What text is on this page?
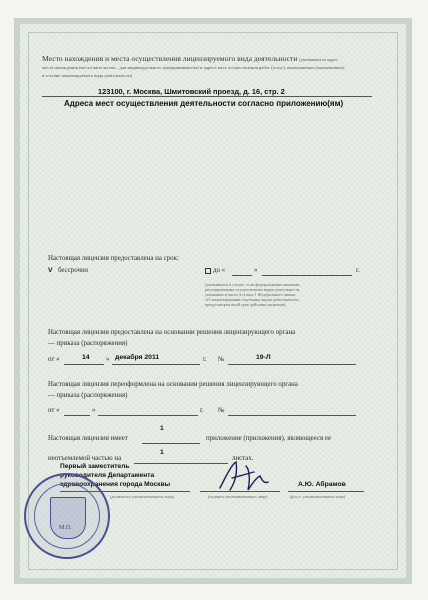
Место нахождения и места осуществления лицензируемого вида деятельности (указываются адрес
места нахождения (места жительства – для индивидуального предпринимателя) и адреса мест осуществления работ (услуг), выполняемых (оказываемых)
в составе лицензируемого вида деятельности)
123100, г. Москва, Шмитовский проезд, д. 16, стр. 2
Адреса мест осуществления деятельности согласно приложению(ям)
Настоящая лицензия предоставлена на срок:
V бессрочно	до «	»	г.
(указывается в случае, если федеральными законами,
регулирующими осуществление видов деятельности,
указанных в части 4 статьи 1 Федерального закона
«О лицензировании отдельных видов деятельности»,
предусмотрен иной срок действия лицензии)
Настоящая лицензия предоставлена на основании решения лицензирующего органа
— приказа (распоряжения)
от «	14 » декабря 2011	г. №	19-Л
Настоящая лицензия переоформлена на основании решения лицензирующего органа
— приказа (распоряжения)
от «	»	г. №
1
Настоящая лицензия имеет	приложение (приложения), являющееся ее
1
неотъемлемой частью на	листах.
Первый заместитель
руководителя Департамента
здравоохранения города Москвы	А.Ю. Абрамов
(должность уполномоченного лица)	(подпись уполномоченного лица)	(ф.и.о. уполномоченного лица)
М.П.
